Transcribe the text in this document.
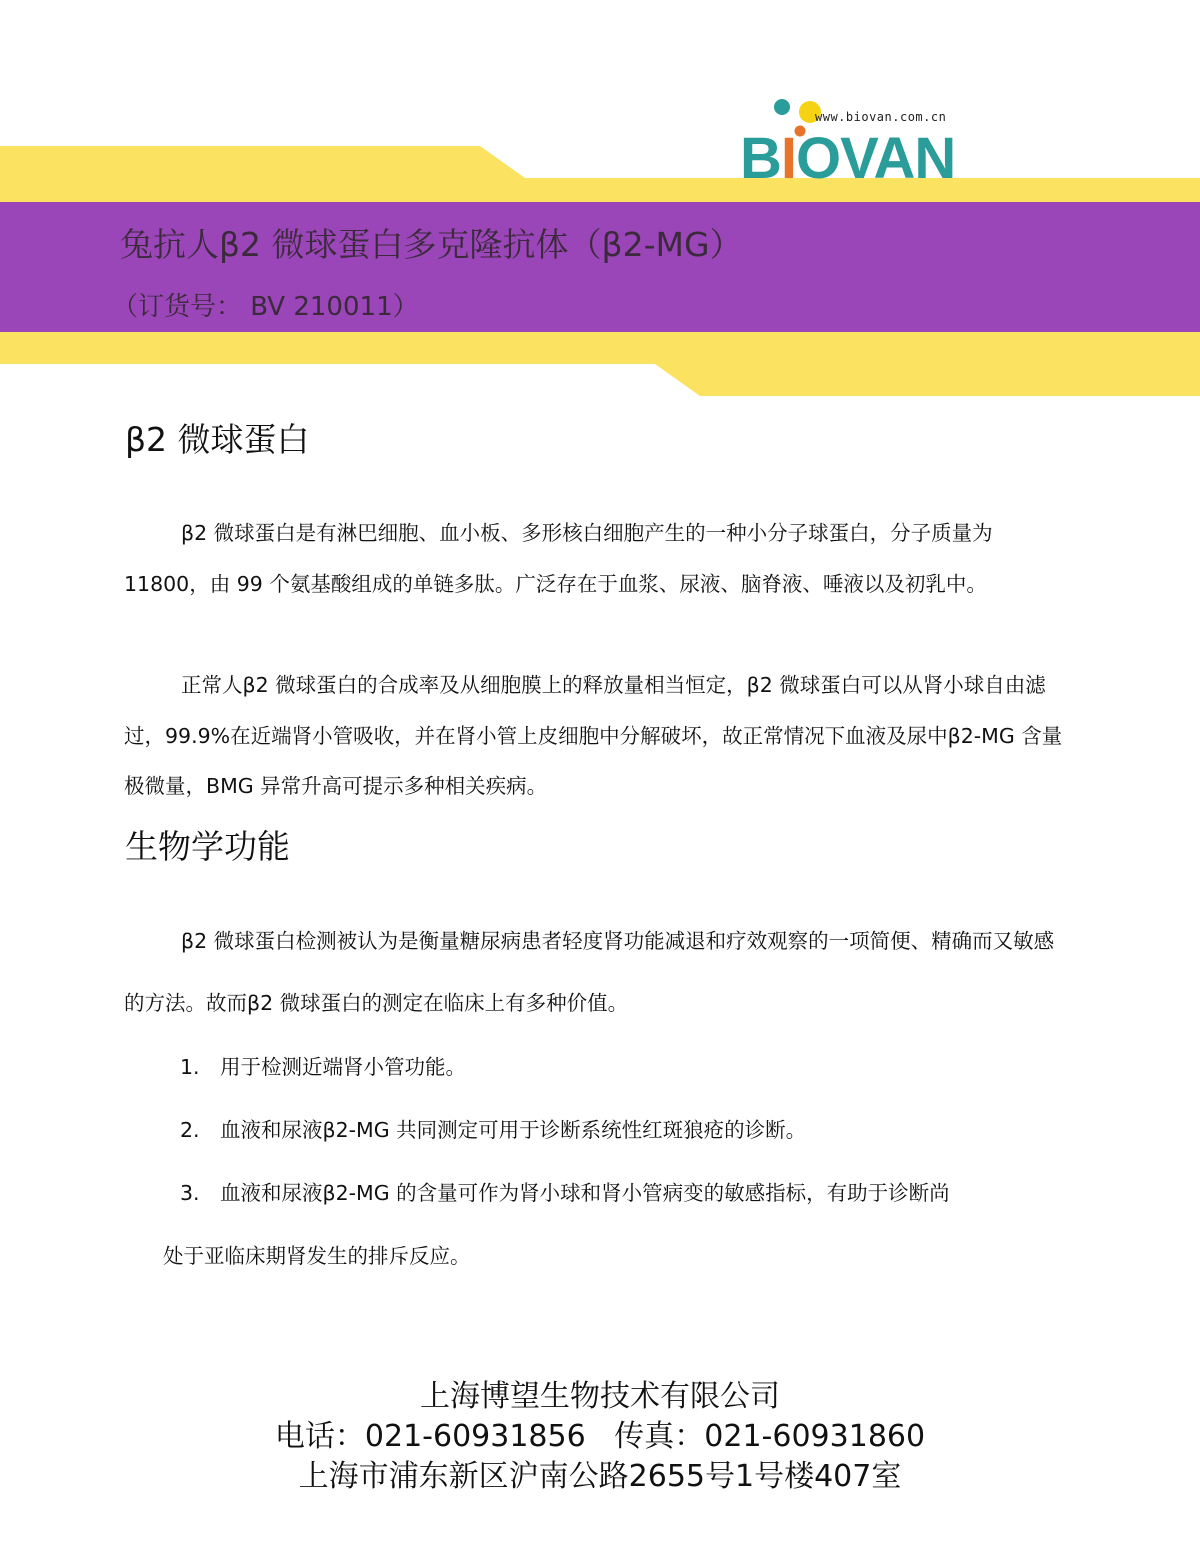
www.biovan.com.cn
BIOVAN
兔抗人β2 微球蛋白多克隆抗体（β2-MG）
（订货号： BV 210011）
β2 微球蛋白

β2 微球蛋白是有淋巴细胞、血小板、多形核白细胞产生的一种小分子球蛋白，分子质量为 11800，由 99 个氨基酸组成的单链多肽。广泛存在于血浆、尿液、脑脊液、唾液以及初乳中。

正常人β2 微球蛋白的合成率及从细胞膜上的释放量相当恒定，β2 微球蛋白可以从肾小球自由滤过，99.9%在近端肾小管吸收，并在肾小管上皮细胞中分解破坏，故正常情况下血液及尿中β2-MG 含量极微量，BMG 异常升高可提示多种相关疾病。

生物学功能

β2 微球蛋白检测被认为是衡量糖尿病患者轻度肾功能减退和疗效观察的一项简便、精确而又敏感的方法。故而β2 微球蛋白的测定在临床上有多种价值。

1. 用于检测近端肾小管功能。
2. 血液和尿液β2-MG 共同测定可用于诊断系统性红斑狼疮的诊断。
3. 血液和尿液β2-MG 的含量可作为肾小球和肾小管病变的敏感指标，有助于诊断尚
处于亚临床期肾发生的排斥反应。
上海博望生物技术有限公司
电话：021-60931856   传真：021-60931860
上海市浦东新区沪南公路2655号1号楼407室
